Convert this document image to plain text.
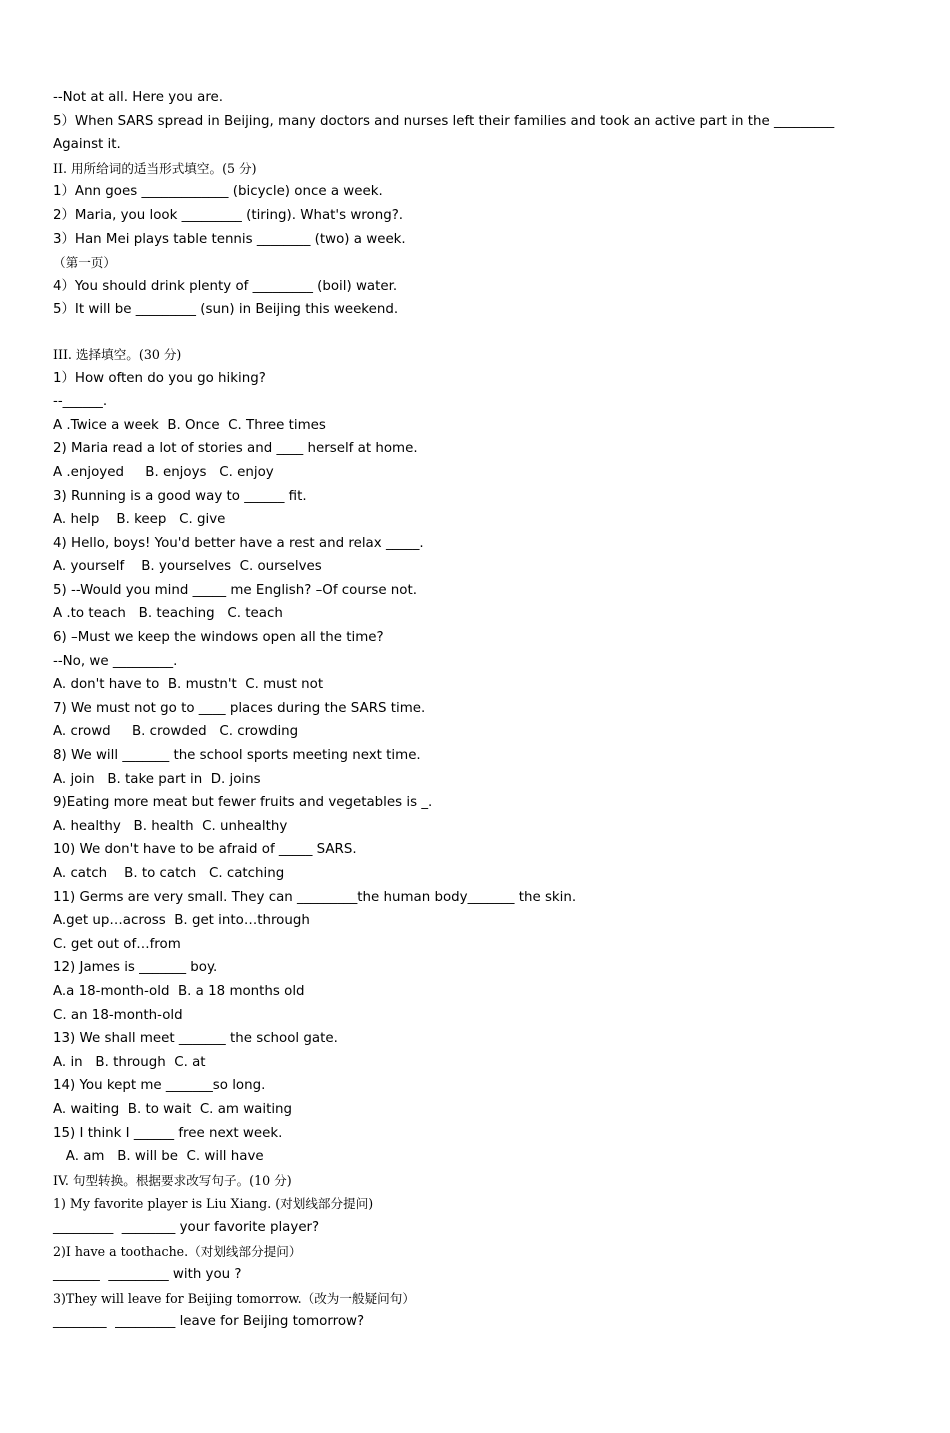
--Not at all. Here you are.
5）When SARS spread in Beijing, many doctors and nurses left their families and took an active part in the _________
Against it.
II. 用所给词的适当形式填空。(5 分)
1）Ann goes _____________ (bicycle) once a week.
2）Maria, you look _________ (tiring). What's wrong?.
3）Han Mei plays table tennis ________ (two) a week.
（第一页）
4）You should drink plenty of _________ (boil) water.
5）It will be _________ (sun) in Beijing this weekend.
III. 选择填空。(30 分)
1）How often do you go hiking?
--______.
A .Twice a week  B. Once  C. Three times
2) Maria read a lot of stories and ____ herself at home.
A .enjoyed     B. enjoys   C. enjoy
3) Running is a good way to ______ fit.
A. help    B. keep   C. give
4) Hello, boys! You'd better have a rest and relax _____.
A. yourself    B. yourselves  C. ourselves
5) --Would you mind _____ me English? –Of course not.
A .to teach   B. teaching   C. teach
6) –Must we keep the windows open all the time?
--No, we _________.
A. don't have to  B. mustn't  C. must not
7) We must not go to ____ places during the SARS time.
A. crowd     B. crowded   C. crowding
8) We will _______ the school sports meeting next time.
A. join   B. take part in  D. joins
9)Eating more meat but fewer fruits and vegetables is _.
A. healthy   B. health  C. unhealthy
10) We don't have to be afraid of _____ SARS.
A. catch    B. to catch   C. catching
11) Germs are very small. They can _________the human body_______ the skin.
A.get up…across  B. get into…through
C. get out of…from
12) James is _______ boy.
A.a 18-month-old  B. a 18 months old
C. an 18-month-old
13) We shall meet _______ the school gate.
A. in   B. through  C. at
14) You kept me _______so long.
A. waiting  B. to wait  C. am waiting
15) I think I ______ free next week.
A. am   B. will be  C. will have
IV. 句型转换。根据要求改写句子。(10 分)
1) My favorite player is Liu Xiang. (对划线部分提问)
_________  ________ your favorite player?
2)I have a toothache.（对划线部分提问）
_______  _________ with you ?
3)They will leave for Beijing tomorrow.（改为一般疑问句）
________  _________ leave for Beijing tomorrow?
